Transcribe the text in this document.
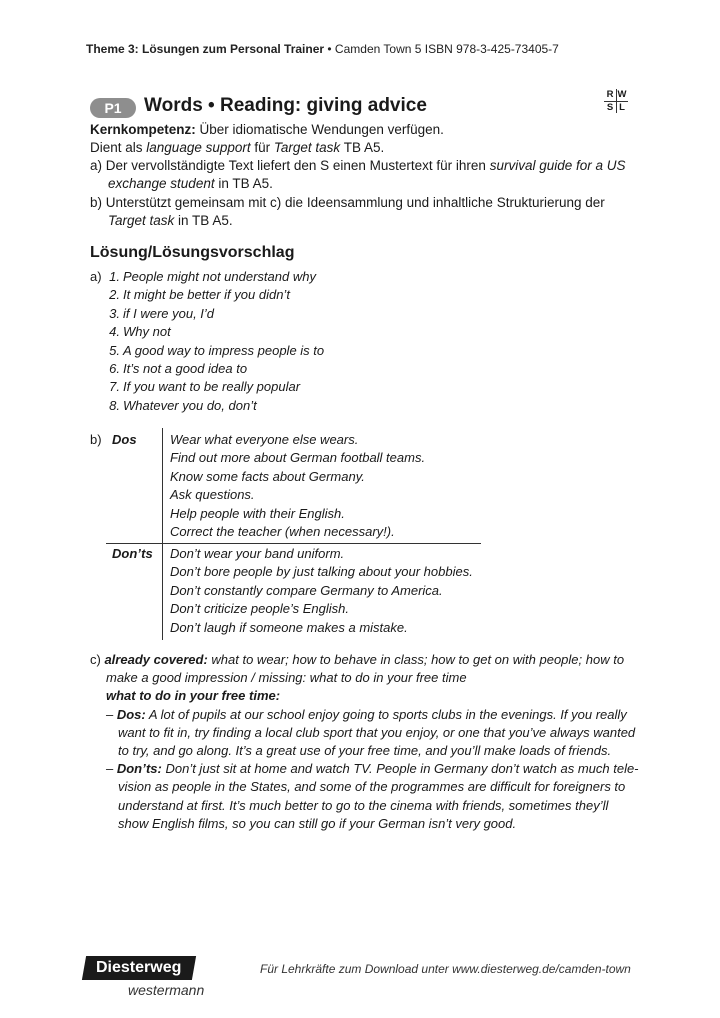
Theme 3: Lösungen zum Personal Trainer • Camden Town 5 ISBN 978-3-425-73405-7
P1	Words • Reading: giving advice
R W
S L
Kernkompetenz: Über idiomatische Wendungen verfügen.
Dient als language support für Target task TB A5.
a) Der vervollständigte Text liefert den S einen Mustertext für ihren survival guide for a US
exchange student in TB A5.
b) Unterstützt gemeinsam mit c) die Ideensammlung und inhaltliche Strukturierung der
Target task in TB A5.
Lösung/Lösungsvorschlag
a) 1. People might not understand why
2. It might be better if you didn’t
3. if I were you, I’d
4. Why not
5. A good way to impress people is to
6. It’s not a good idea to
7. If you want to be really popular
8. Whatever you do, don’t
b) Dos
Don’ts
Wear what everyone else wears.
Find out more about German football teams.
Know some facts about Germany.
Ask questions.
Help people with their English.
Correct the teacher (when necessary!).
Don’t wear your band uniform.
Don’t bore people by just talking about your hobbies.
Don’t constantly compare Germany to America.
Don’t criticize people’s English.
Don’t laugh if someone makes a mistake.
c) already covered: what to wear; how to behave in class; how to get on with people; how to
make a good impression / missing: what to do in your free time
what to do in your free time:
– Dos: A lot of pupils at our school enjoy going to sports clubs in the evenings. If you really
want to fit in, try finding a local club sport that you enjoy, or one that you’ve always wanted
to try, and go along. It’s a great use of your free time, and you’ll make loads of friends.
– Don’ts: Don’t just sit at home and watch TV. People in Germany don’t watch as much tele-
vision as people in the States, and some of the programmes are difficult for foreigners to
understand at first. It’s much better to go to the cinema with friends, sometimes they’ll
show English films, so you can still go if your German isn’t very good.
Diesterweg
westermann
Für Lehrkräfte zum Download unter www.diesterweg.de/camden-town
